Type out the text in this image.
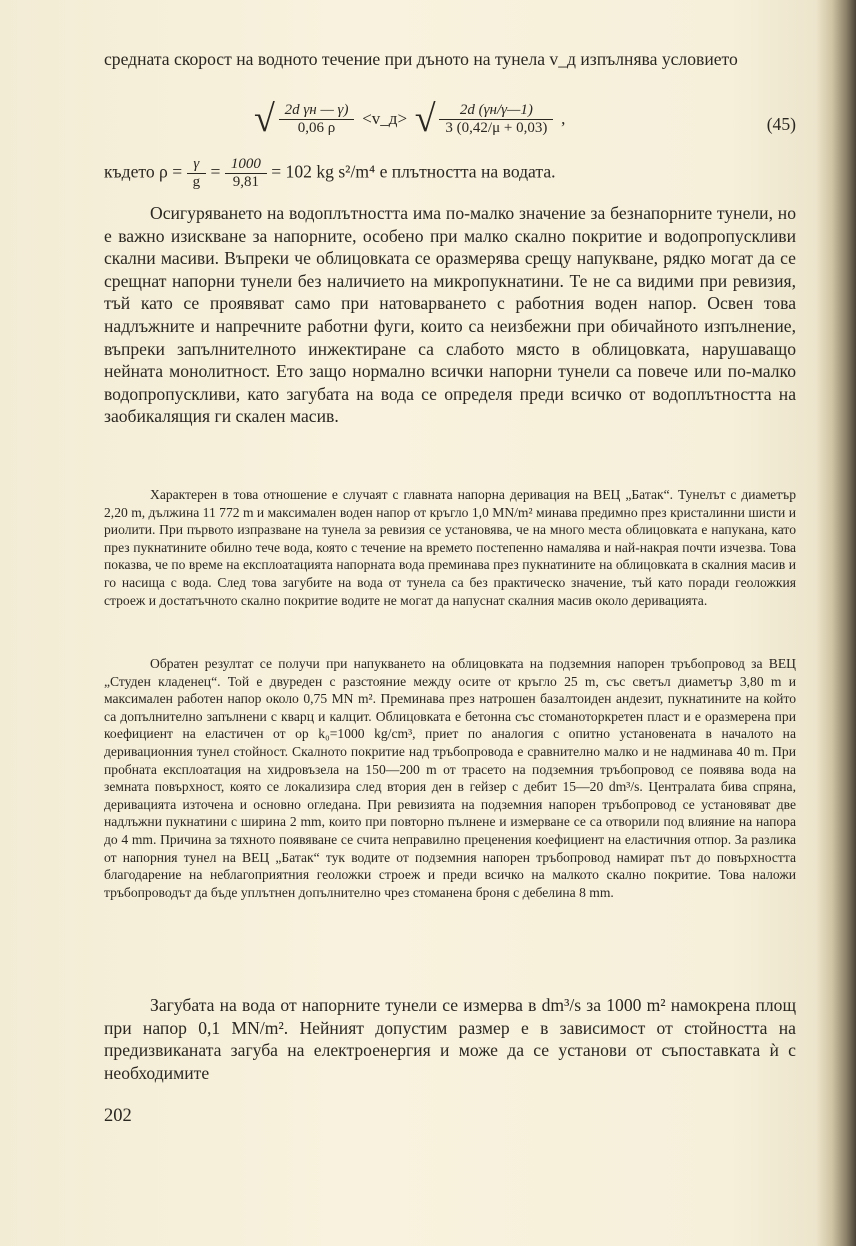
средната скорост на водното течение при дъното на тунела v_д изпълнява условието

√ $\frac{\text{2d γн — γ)}}{0,06 \rho}$ <v_д> √ $\frac{2d (\gamma н/\gamma—1)}{3 (0,42/\mu + 0,03)}$ ,	(45)
където $\rho = \frac{\gamma}{g} = \frac{1000}{9,81} = 102$ kg s²/m⁴ е плътността на водата.

Осигуряването на водоплътността има по-малко значение за безнапорните тунели, но е важно изискване за напорните, особено при малко скално покритие и водопропускливи скални масиви. Въпреки че облицовката се оразмерява срещу напукване, рядко могат да се срещнат напорни тунели без наличието на микропукнатини. Те не са видими при ревизия, тъй като се проявяват само при натоварването с работния воден напор. Освен това надлъжните и напречните работни фуги, които са неизбежни при обичайното изпълнение, въпреки запълнителното инжектиране са слабото място в облицовката, нарушаващо нейната монолитност. Ето защо нормално всички напорни тунели са повече или по-малко водопропускливи, като загубата на вода се определя преди всичко от водоплътността на заобикалящия ги скален масив.

Характерен в това отношение е случаят с главната напорна деривация на ВЕЦ „Батак“. Тунелът с диаметър 2,20 m, дължина 11 772 m и максимален воден напор от кръгло 1,0 MN/m² минава предимно през кристалинни шисти и риолити. При първото изпразване на тунела за ревизия се установява, че на много места облицовката е напукана, като през пукнатините обилно тече вода, която с течение на времето постепенно намалява и най-накрая почти изчезва. Това показва, че по време на експлоатацията напорната вода преминава през пукнатините на облицовката в скалния масив и го насища с вода. След това загубите на вода от тунела са без практическо значение, тъй като поради геоложкия строеж и достатъчното скално покритие водите не могат да напуснат скалния масив около деривацията.

Обратен резултат се получи при напукването на облицовката на подземния напорен тръбопровод за ВЕЦ „Студен кладенец“. Той е двуреден с разстояние между осите от кръгло 25 m, със светъл диаметър 3,80 m и максимален работен напор около 0,75 MN m². Преминава през натрошен базалтоиден андезит, пукнатините на който са допълнително запълнени с кварц и калцит. Облицовката е бетонна със стоманоторкретен пласт и е оразмерена при коефициент на еластичен от ор k₀=1000 kg/cm³, приет по аналогия с опитно установената в началото на деривационния тунел стойност. Скалното покритие над тръбопровода е сравнително малко и не надминава 40 m. При пробната експлоатация на хидровъзела на 150—200 m от трасето на подземния тръбопровод се появява вода на земната повърхност, която се локализира след втория ден в гейзер с дебит 15—20 dm³/s. Централата бива спряна, деривацията източена и основно огледана. При ревизията на подземния напорен тръбопровод се установяват две надлъжни пукнатини с ширина 2 mm, които при повторно пълнене и измерване се са отворили под влияние на напора до 4 mm. Причина за тяхното появяване се счита неправилно преценения коефициент на еластичния отпор. За разлика от напорния тунел на ВЕЦ „Батак“ тук водите от подземния напорен тръбопровод намират път до повърхността благодарение на неблагоприятния геоложки строеж и преди всичко на малкото скално покритие. Това наложи тръбопроводът да бъде уплътнен допълнително чрез стоманена броня с дебелина 8 mm.

Загубата на вода от напорните тунели се измерва в dm³/s за 1000 m² намокрена площ при напор 0,1 MN/m². Нейният допустим размер е в зависимост от стойността на предизвиканата загуба на електроенергия и може да се установи от съпоставката ѝ с необходимите

202
